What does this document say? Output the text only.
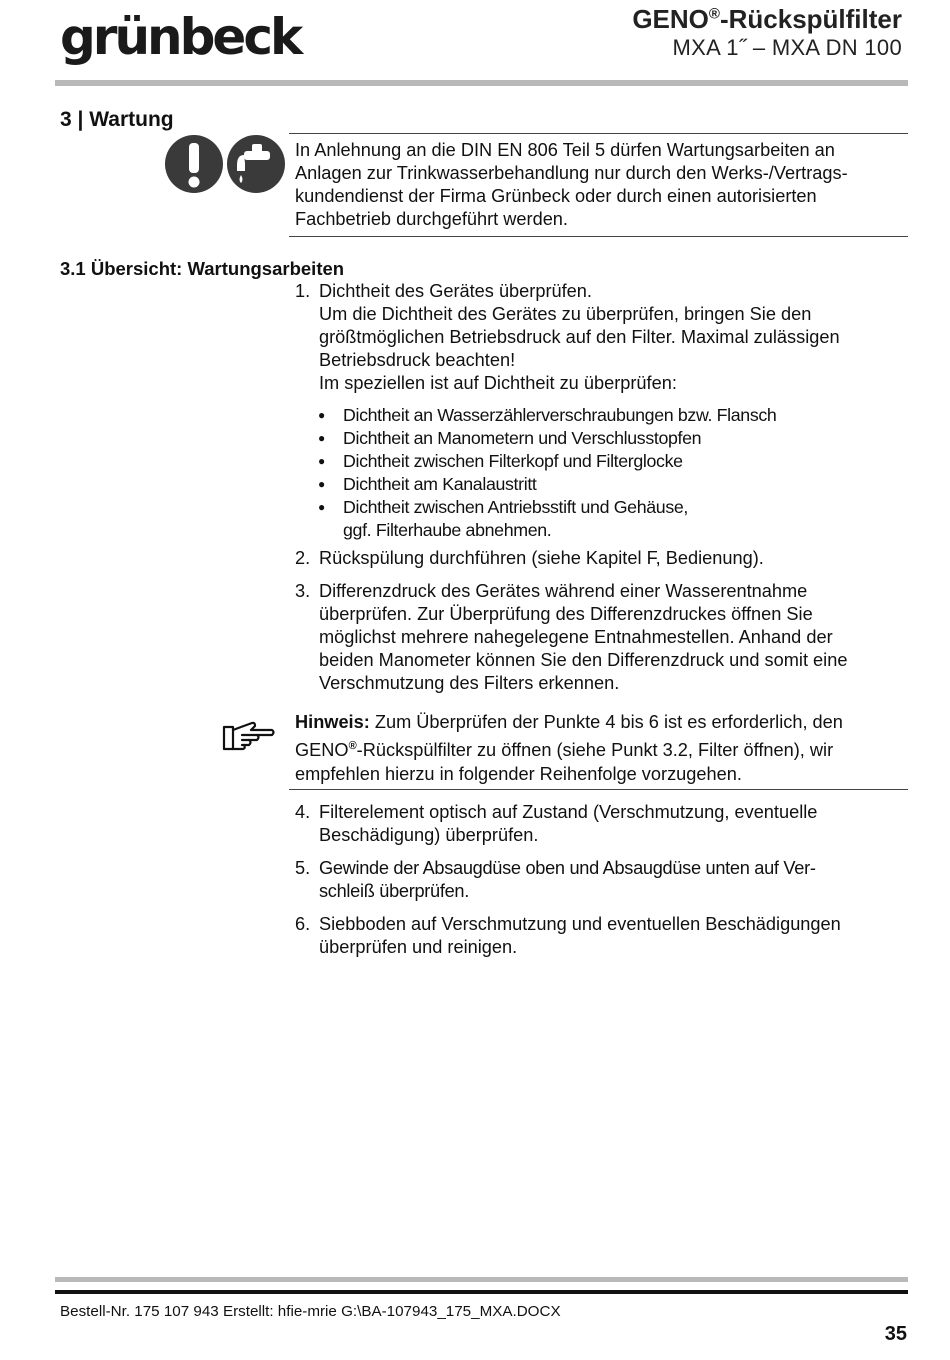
grünbeck	GENO®-Rückspülfilter
MXA 1˝ – MXA DN 100
3 | Wartung
In Anlehnung an die DIN EN 806 Teil 5 dürfen Wartungsarbeiten an
Anlagen zur Trinkwasserbehandlung nur durch den Werks-/Vertrags-
kundendienst der Firma Grünbeck oder durch einen autorisierten
Fachbetrieb durchgeführt werden.
3.1 Übersicht: Wartungsarbeiten
1. Dichtheit des Gerätes überprüfen.
Um die Dichtheit des Gerätes zu überprüfen, bringen Sie den
größtmöglichen Betriebsdruck auf den Filter. Maximal zulässigen
Betriebsdruck beachten!
Im speziellen ist auf Dichtheit zu überprüfen:
●	Dichtheit an Wasserzählerverschraubungen bzw. Flansch
●	Dichtheit an Manometern und Verschlusstopfen
●	Dichtheit zwischen Filterkopf und Filterglocke
●	Dichtheit am Kanalaustritt
●	Dichtheit zwischen Antriebsstift und Gehäuse,
ggf. Filterhaube abnehmen.
2. Rückspülung durchführen (siehe Kapitel F, Bedienung).
3. Differenzdruck des Gerätes während einer Wasserentnahme
überprüfen. Zur Überprüfung des Differenzdruckes öffnen Sie
möglichst mehrere nahegelegene Entnahmestellen. Anhand der
beiden Manometer können Sie den Differenzdruck und somit eine
Verschmutzung des Filters erkennen.
Hinweis: Zum Überprüfen der Punkte 4 bis 6 ist es erforderlich, den
GENO®-Rückspülfilter zu öffnen (siehe Punkt 3.2, Filter öffnen), wir
empfehlen hierzu in folgender Reihenfolge vorzugehen.
4. Filterelement optisch auf Zustand (Verschmutzung, eventuelle
Beschädigung) überprüfen.
5. Gewinde der Absaugdüse oben und Absaugdüse unten auf Ver-
schleiß überprüfen.
6. Siebboden auf Verschmutzung und eventuellen Beschädigungen
überprüfen und reinigen.
Bestell-Nr. 175 107 943 Erstellt: hfie-mrie G:\BA-107943_175_MXA.DOCX
35
